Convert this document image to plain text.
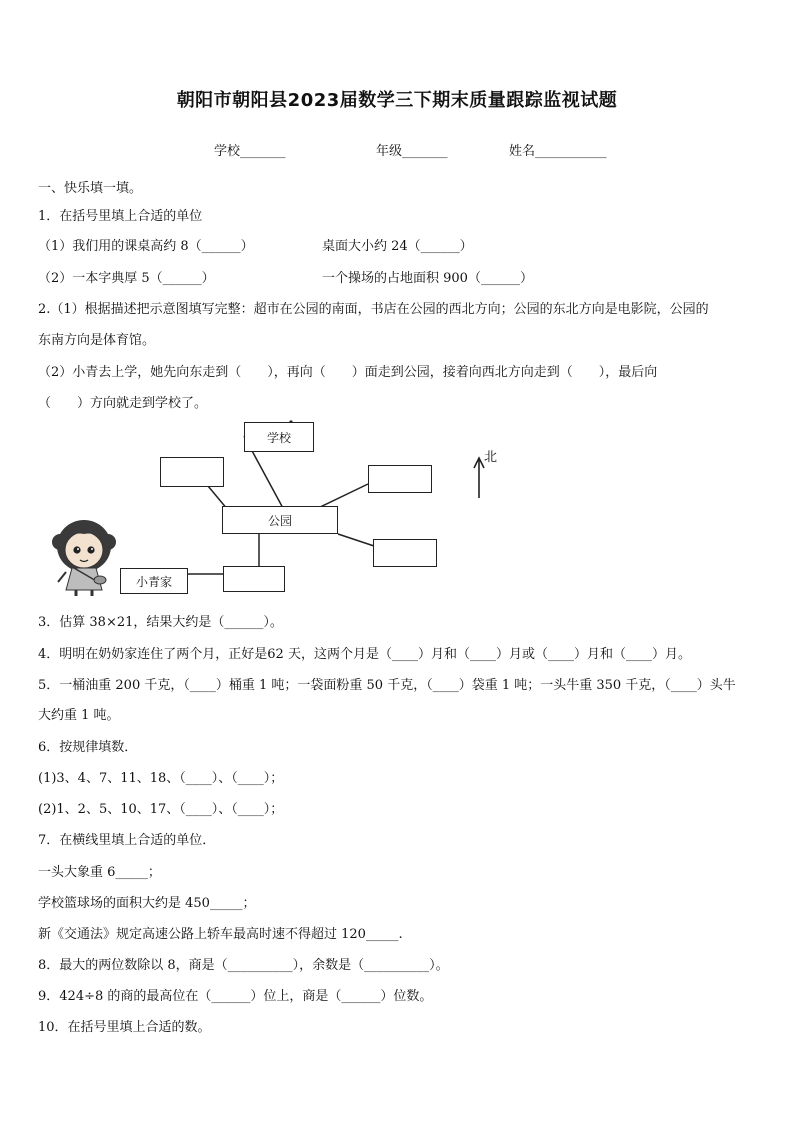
朝阳市朝阳县2023届数学三下期末质量跟踪监视试题
学校_______	年级_______	姓名___________
一、快乐填一填。
1．在括号里填上合适的单位
（1）我们用的课桌高约 8（______）	桌面大小约 24（______）
（2）一本字典厚 5（______）	一个操场的占地面积 900（______）
2.（1）根据描述把示意图填写完整：超市在公园的南面，书店在公园的西北方向；公园的东北方向是电影院，公园的
东南方向是体育馆。
（2）小青去上学，她先向东走到（　　），再向（　　）面走到公园，接着向西北方向走到（　　），最后向
（　　）方向就走到学校了。
学校
公园
小青家
北
3．估算 38×21，结果大约是（______）。
4．明明在奶奶家连住了两个月，正好是62 天，这两个月是（____）月和（____）月或（____）月和（____）月。
5．一桶油重 200 千克，（____）桶重 1 吨；一袋面粉重 50 千克，（____）袋重 1 吨；一头牛重 350 千克，（____）头牛
大约重 1 吨。
6．按规律填数．
(1)3、4、7、11、18、（____）、（____）；
(2)1、2、5、10、17、（____）、（____）；
7．在横线里填上合适的单位．
一头大象重 6_____；
学校篮球场的面积大约是 450_____；
新《交通法》规定高速公路上轿车最高时速不得超过 120_____.
8．最大的两位数除以 8，商是（__________），余数是（__________）。
9．424÷8 的商的最高位在（______）位上，商是（______）位数。
10．在括号里填上合适的数。
